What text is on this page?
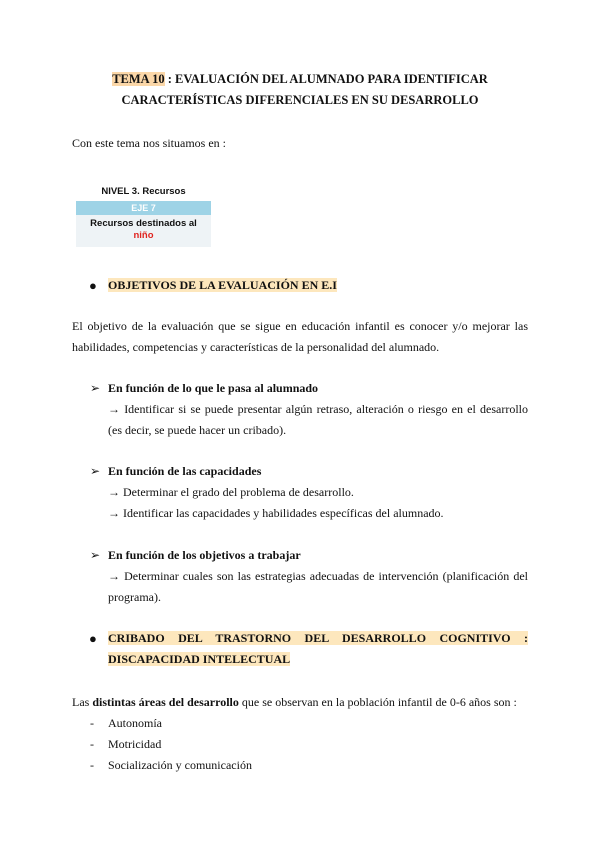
TEMA 10 : EVALUACIÓN DEL ALUMNADO PARA IDENTIFICAR
CARACTERÍSTICAS DIFERENCIALES EN SU DESARROLLO
Con este tema nos situamos en :
NIVEL 3. Recursos
EJE 7
Recursos destinados al
niño
● OBJETIVOS DE LA EVALUACIÓN EN E.I
El objetivo de la evaluación que se sigue en educación infantil es conocer y/o mejorar las habilidades, competencias y características de la personalidad del alumnado.
➢ En función de lo que le pasa al alumnado
→ Identificar si se puede presentar algún retraso, alteración o riesgo en el desarrollo (es decir, se puede hacer un cribado).
➢ En función de las capacidades
→ Determinar el grado del problema de desarrollo.
→ Identificar las capacidades y habilidades específicas del alumnado.
➢ En función de los objetivos a trabajar
→ Determinar cuales son las estrategias adecuadas de intervención (planificación del programa).
● CRIBADO DEL TRASTORNO DEL DESARROLLO COGNITIVO :
DISCAPACIDAD INTELECTUAL
Las distintas áreas del desarrollo que se observan en la población infantil de 0-6 años son :
- Autonomía
- Motricidad
- Socialización y comunicación
